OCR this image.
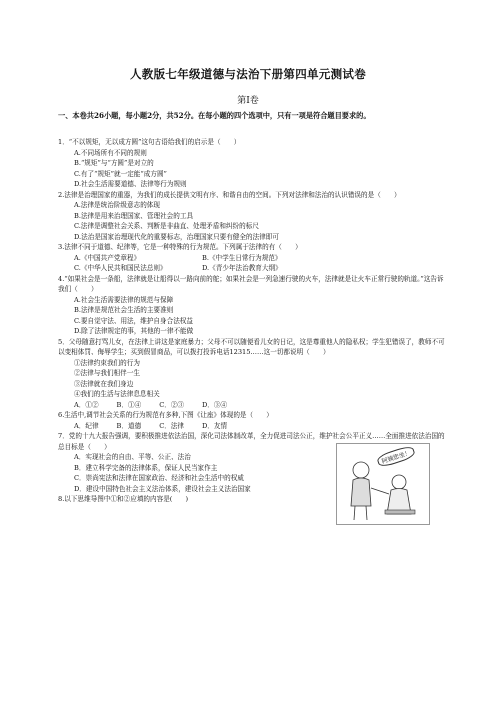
人教版七年级道德与法治下册第四单元测试卷
第Ⅰ卷
一、本卷共26小题，每小题2分，共52分。在每小题的四个选项中，只有一项是符合题目要求的。

1．“不以规矩，无以成方圆”这句古语给我们的启示是（　　）

A.不同场所有不同的规则

B.“规矩”与“方圆”是对立的

C.有了“规矩”就一定能“成方圆”

D.社会生活需要道德、法律等行为规则

2.法律是治理国家的重器，为我们的成长提供文明有序、和谐自由的空间。下列对法律和法治的认识错误的是（　　）

A.法律是统治阶级意志的体现

B.法律是用来治理国家、管理社会的工具

C.法律是调整社会关系、判断是非曲直、处理矛盾和纠纷的标尺

D.法治是国家治理现代化的重要标志，治理国家只要有健全的法律即可

3.法律不同于道德、纪律等，它是一种特殊的行为规范。下列属于法律的有（　　）

A.《中国共产党章程》	B.《中学生日常行为规范》
C.《中华人民共和国民法总则》	D.《青少年法治教育大纲》

4.“如果社会是一条船，法律就是让船得以一路向前的舵；如果社会是一列急速行驶的火车，法律就是让火车正常行驶的轨道。”这告诉我们（　　）

A.社会生活需要法律的规范与保障

B.法律是规范社会生活的主要准则

C.要自觉守法、用法，维护自身合法权益

D.除了法律规定的事，其他的一律不能做

5．父母随意打骂儿女，在法律上讲这是家庭暴力；父母不可以随便看儿女的日记，这是尊重他人的隐私权；学生犯错误了，教师不可以变相体罚、侮辱学生；买到假冒商品，可以拨打投诉电话12315……这一切都说明（　　）

①法律约束我们的行为

②法律与我们相伴一生

③法律就在我们身边

④我们的生活与法律息息相关

A．①②	B．①④	C．②③	D．③④

6.生活中,调节社会关系的行为规范有多种,下图《让座》体现的是（　　）

A．纪律	B．道德	C．法律	D．友情

7．党的十九大报告强调，要积极推进依法治国，深化司法体制改革，全力促进司法公正，维护社会公平正义……全面推进依法治国的总目标是（　　）

A．实现社会的自由、平等、公正、法治

B．建立科学完备的法律体系，保证人民当家作主

C．崇尚宪法和法律在国家政治、经济和社会生活中的权威

D．建设中国特色社会主义法治体系，建设社会主义法治国家

8.以下思维导图中①和②应填的内容是(　　)

阿姨您坐！
